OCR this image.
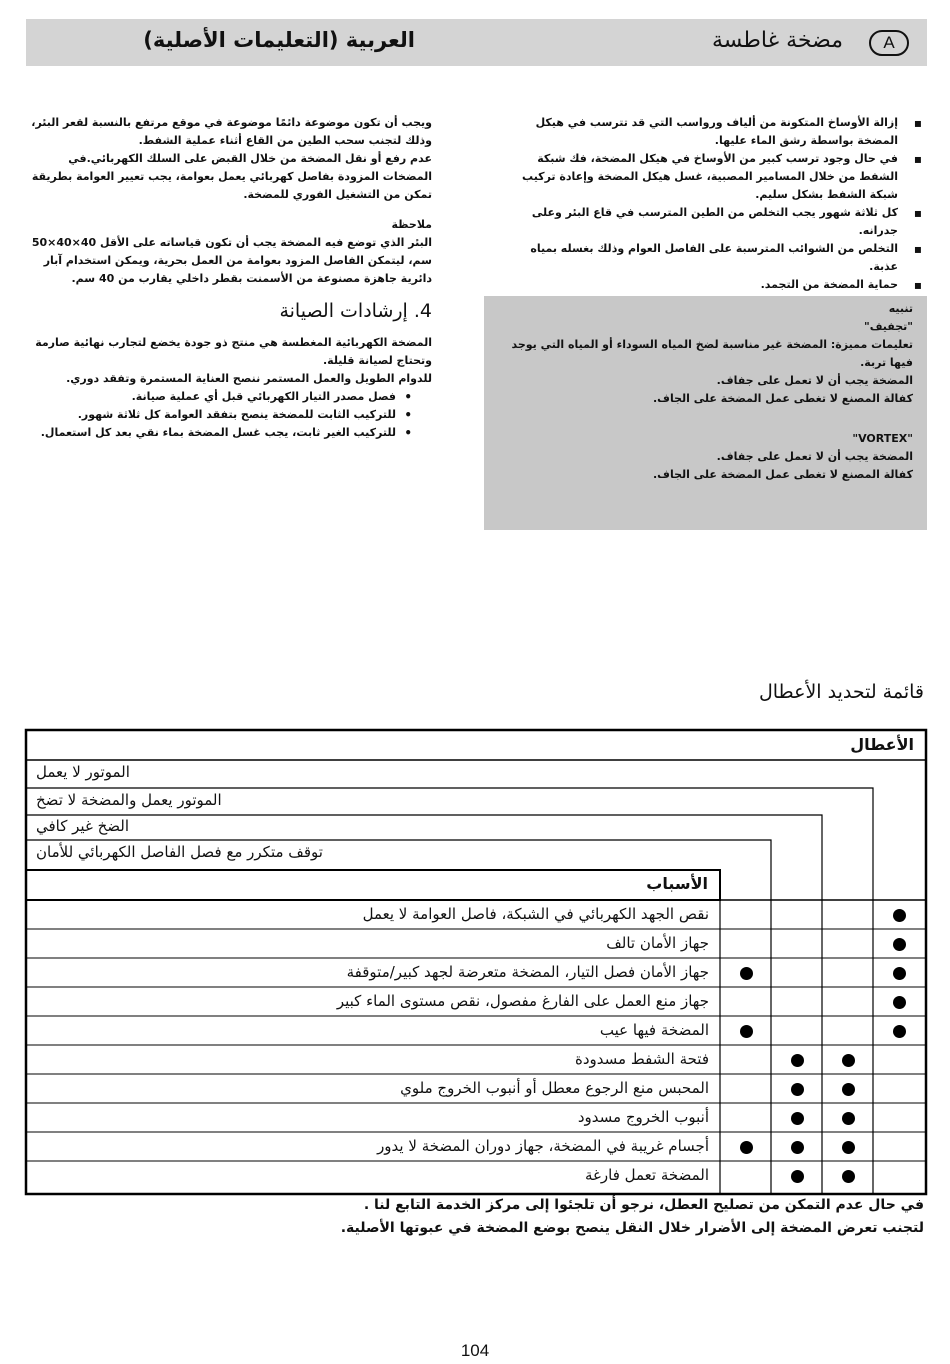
A
مضخة غاطسة
العربية (التعليمات الأصلية)
▪ إزالة الأوساخ المتكونة من ألياف ورواسب التي قد تترسب في هيكل المضخة بواسطة رشق الماء عليها.
▪ في حال وجود ترسب كبير من الأوساخ في هيكل المضخة، فك شبكة الشفط من خلال المسامير المصبية، غسل هيكل المضخة وإعادة تركيب شبكة الشفط بشكل سليم.
▪ كل ثلاثة شهور يجب التخلص من الطين المترسب في قاع البئر وعلى جدرانه.
▪ التخلص من الشوائب المترسبة على الفاصل العوام وذلك بغسله بمياه عذبة.
▪ حماية المضخة من التجمد.

ويجب أن تكون موضوعة دائمًا موضوعة في موقع مرتفع بالنسبة لقعر البئر، وذلك لتجنب سحب الطين من القاع أثناء عملية الشفط.

عدم رفع أو نقل المضخة من خلال القبض على السلك الكهربائي.في المضخات المزودة بفاصل كهربائي يعمل بعوامة، يجب تعيير العوامة بطريقة تمكن من التشغيل الفوري للمضخة.

ملاحظة

البئر الذي توضع فيه المضخة يجب أن تكون قياساته على الأقل 40×40×50 سم، ليتمكن الفاصل المزود بعوامة من العمل بحرية، ويمكن استخدام آبار دائرية جاهزة مصنوعة من الأسمنت بقطر داخلي يقارب من 40 سم.

4. إرشادات الصيانة

المضخة الكهربائية المغطسة هي منتج ذو جودة يخضع لتجارب نهائية صارمة وتحتاج لصيانة قليلة.

للدوام الطويل والعمل المستمر ننصح العناية المستمرة وتفقد دوري.

• فصل مصدر التيار الكهربائي قبل أي عملية صيانة.
• للتركيب الثابت للمضخة ينصح بتفقد العوامة كل ثلاثة شهور.
• للتركيب الغير ثابت، يجب غسل المضخة بماء نقي بعد كل استعمال.

تنبيه

"تجفيف"

تعليمات مميزة: المضخة غير مناسبة لضخ المياه السوداء أو المياه التي يوجد فيها تربة.

المضخة يجب أن لا تعمل على جفاف.

كفالة المصنع لا تغطى عمل المضخة على الجاف.

"VORTEX"

المضخة يجب أن لا تعمل على جفاف.

كفالة المصنع لا تغطى عمل المضخة على الجاف.

قائمة لتحديد الأعطال
الأعطال
الموتور لا يعمل
الموتور يعمل والمضخة لا تضخ
الضخ غير كافي
توقف متكرر مع فصل الفاصل الكهربائي للأمان
الأسباب
نقص الجهد الكهربائي في الشبكة، فاصل العوامة لا يعمل
جهاز الأمان تالف
جهاز الأمان فصل التيار، المضخة متعرضة لجهد كبير/متوقفة
جهاز منع العمل على الفارغ مفصول، نقص مستوى الماء كبير
المضخة فيها عيب
فتحة الشفط مسدودة
المحبس منع الرجوع معطل أو أنبوب الخروج ملوي
أنبوب الخروج مسدود
أجسام غريبة في المضخة، جهاز دوران المضخة لا يدور
المضخة تعمل فارغة

في حال عدم التمكن من تصليح العطل، نرجو أن تلجئوا إلى مركز الخدمة التابع لنا .

لتجنب تعرض المضخة إلى الأضرار خلال النقل ينصح بوضع المضخة في عبوتها الأصلية.

104
